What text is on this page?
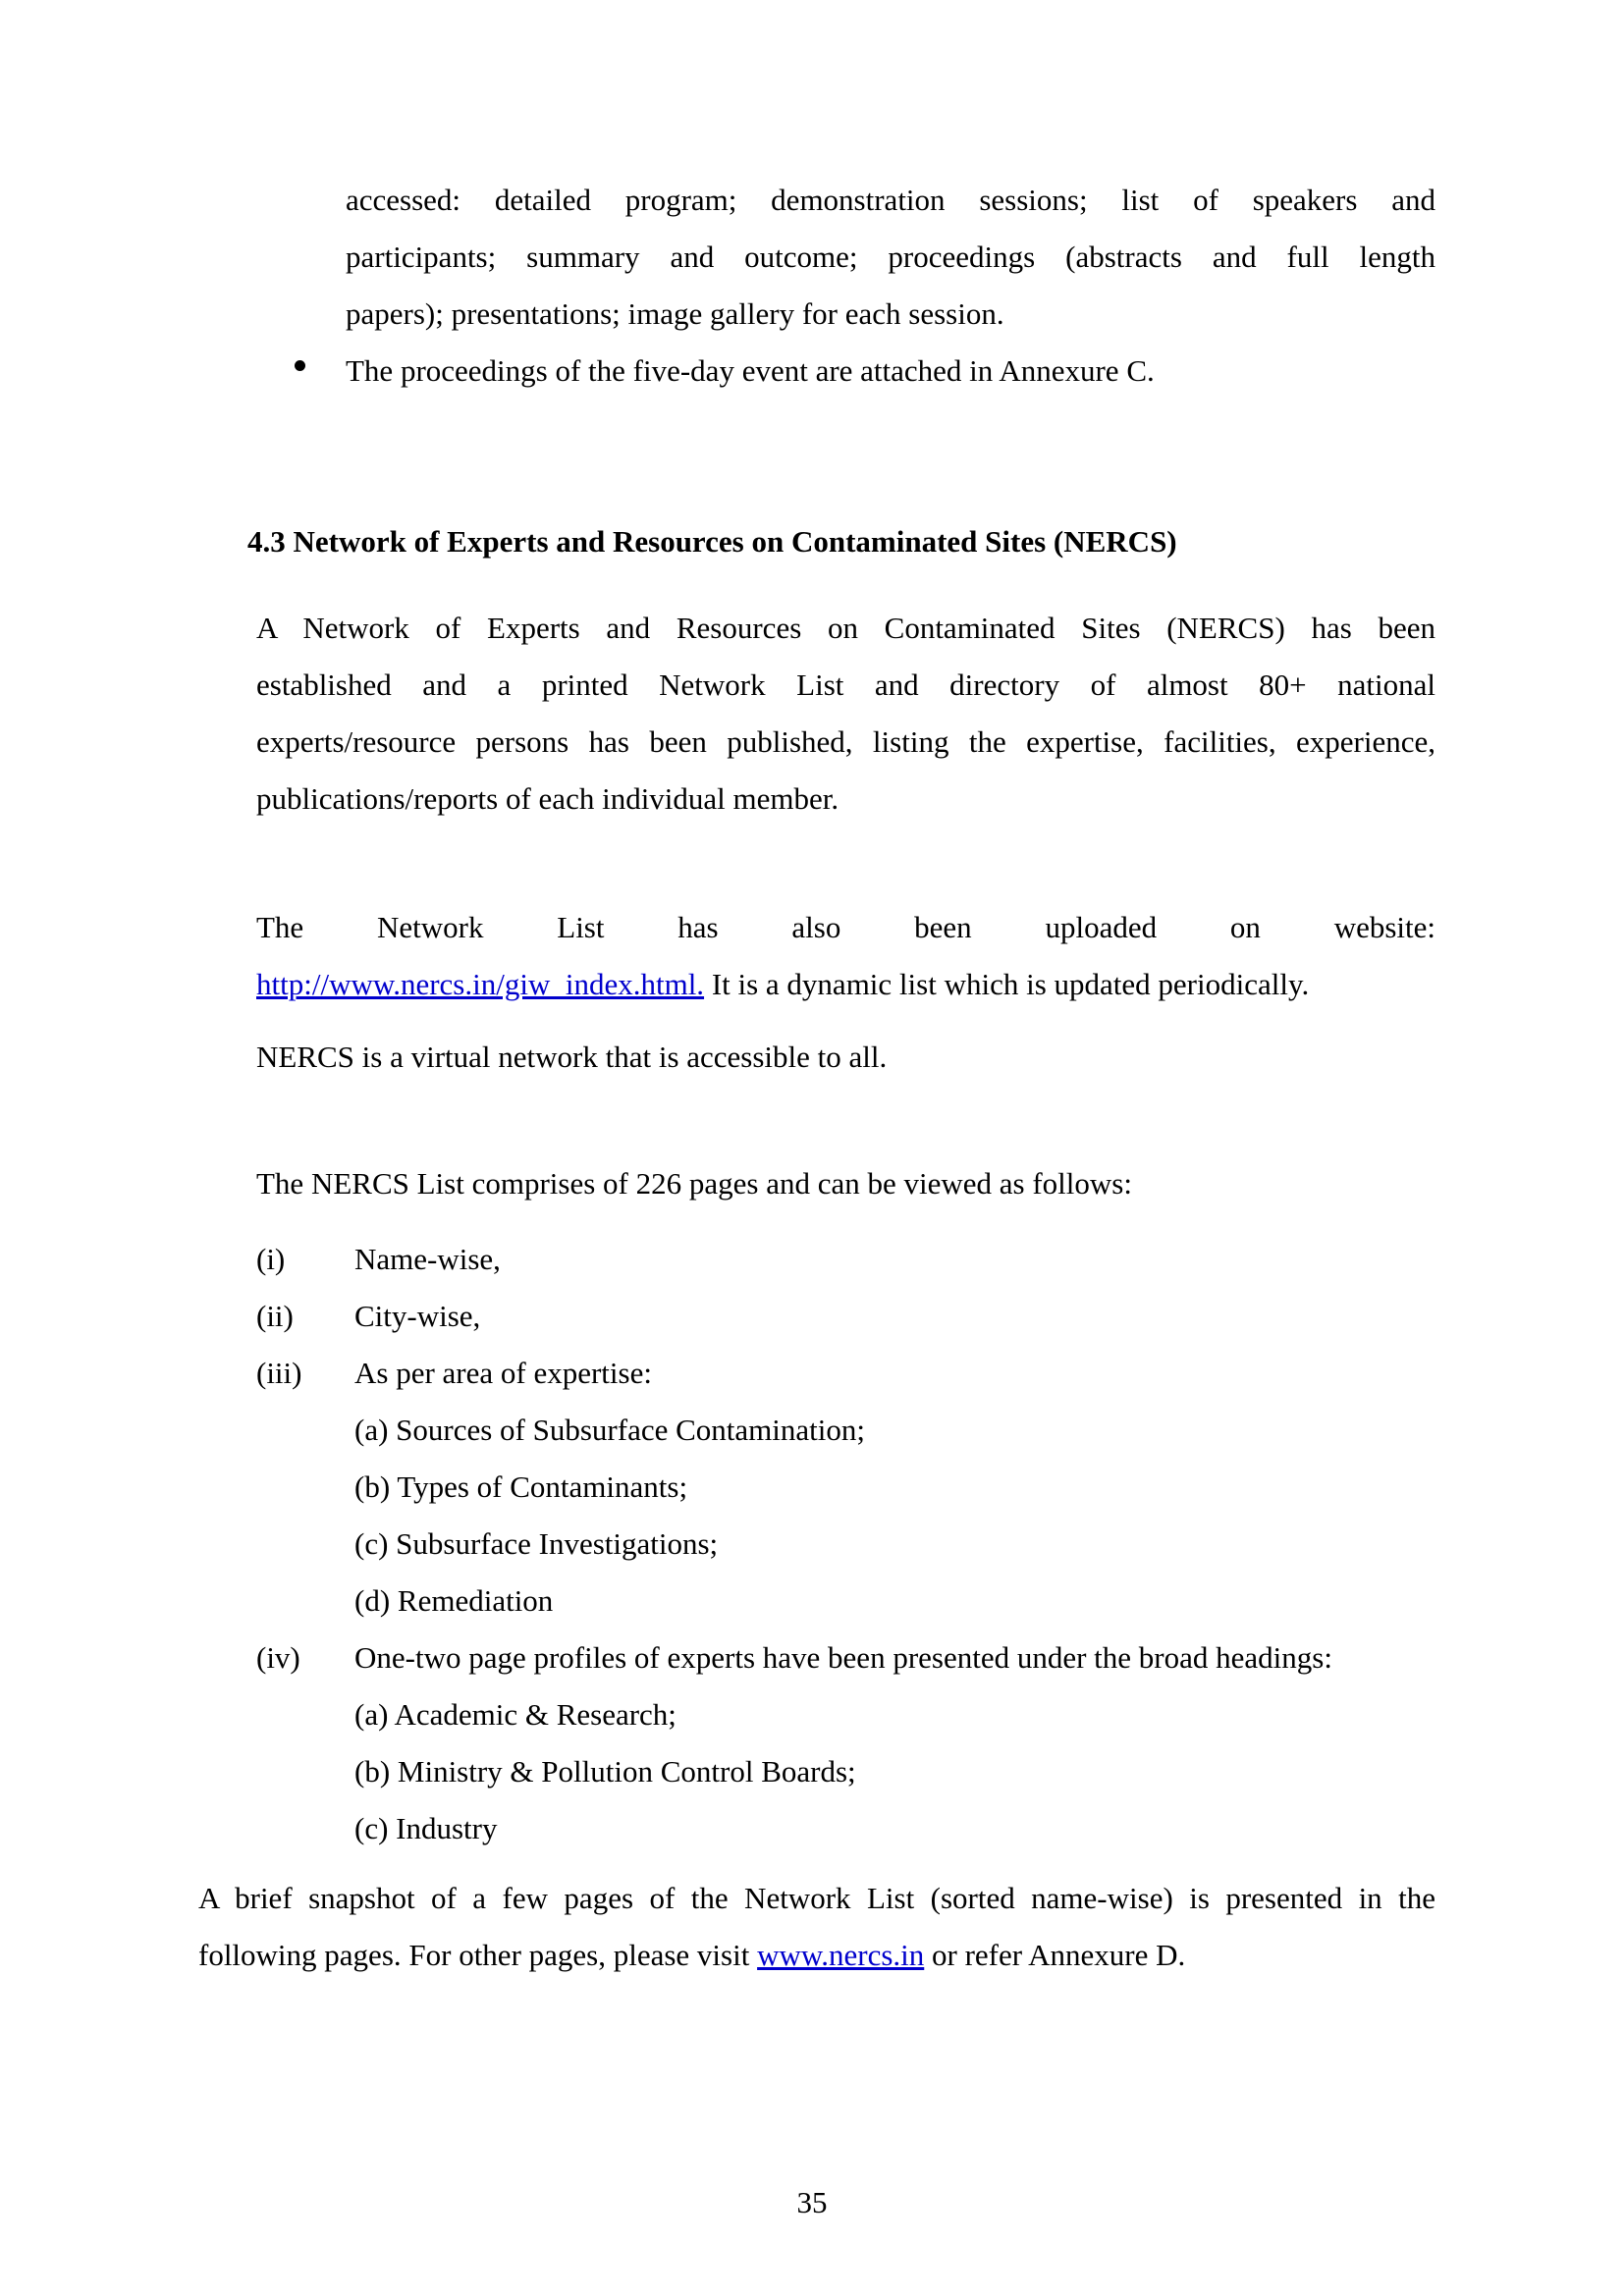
accessed: detailed program; demonstration sessions; list of speakers and
participants; summary and outcome; proceedings (abstracts and full length
papers); presentations; image gallery for each session.
The proceedings of the five-day event are attached in Annexure C.
4.3 Network of Experts and Resources on Contaminated Sites (NERCS)
A Network of Experts and Resources on Contaminated Sites (NERCS) has been
established and a printed Network List and directory of almost 80+ national
experts/resource persons has been published, listing the expertise, facilities, experience,
publications/reports of each individual member.
The Network List has also been uploaded on website:
http://www.nercs.in/giw_index.html. It is a dynamic list which is updated periodically.
NERCS is a virtual network that is accessible to all.
The NERCS List comprises of 226 pages and can be viewed as follows:
(i) Name-wise,
(ii) City-wise,
(iii) As per area of expertise:
(a) Sources of Subsurface Contamination;
(b) Types of Contaminants;
(c) Subsurface Investigations;
(d) Remediation
(iv) One-two page profiles of experts have been presented under the broad headings:
(a) Academic & Research;
(b) Ministry & Pollution Control Boards;
(c) Industry
A brief snapshot of a few pages of the Network List (sorted name-wise) is presented in the
following pages. For other pages, please visit www.nercs.in or refer Annexure D.
35
